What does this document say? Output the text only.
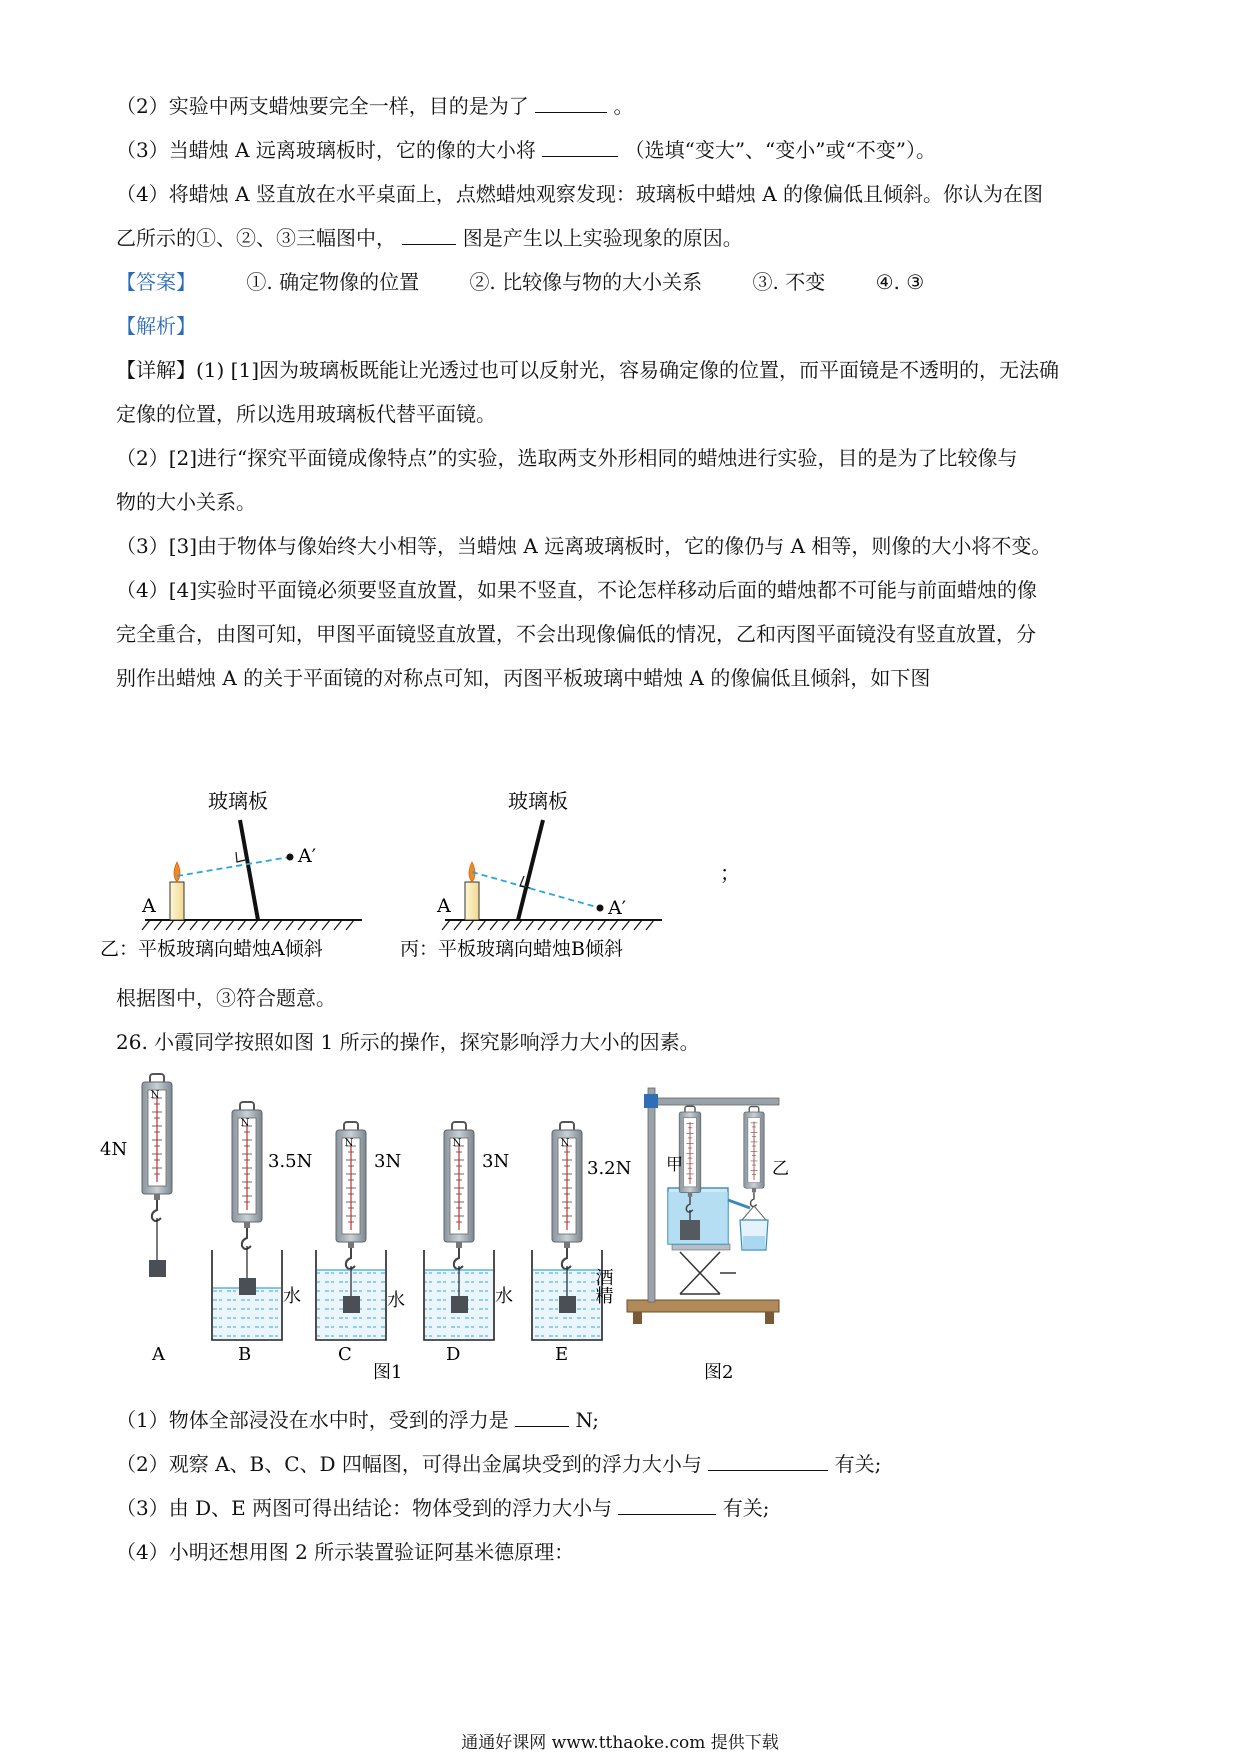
（2）实验中两支蜡烛要完全一样，目的是为了	。
（3）当蜡烛 A 远离玻璃板时，它的像的大小将	（选填“变大”、“变小”或“不变”）。
（4）将蜡烛 A 竖直放在水平桌面上，点燃蜡烛观察发现：玻璃板中蜡烛 A 的像偏低且倾斜。你认为在图
乙所示的①、②、③三幅图中，	图是产生以上实验现象的原因。
【答案】	①. 确定物像的位置	②. 比较像与物的大小关系	③. 不变	④. ③
【解析】
【详解】(1) [1]因为玻璃板既能让光透过也可以反射光，容易确定像的位置，而平面镜是不透明的，无法确
定像的位置，所以选用玻璃板代替平面镜。
（2）[2]进行“探究平面镜成像特点”的实验，选取两支外形相同的蜡烛进行实验，目的是为了比较像与
物的大小关系。
（3）[3]由于物体与像始终大小相等，当蜡烛 A 远离玻璃板时，它的像仍与 A 相等，则像的大小将不变。
（4）[4]实验时平面镜必须要竖直放置，如果不竖直，不论怎样移动后面的蜡烛都不可能与前面蜡烛的像
完全重合，由图可知，甲图平面镜竖直放置，不会出现像偏低的情况，乙和丙图平面镜没有竖直放置，分
别作出蜡烛 A 的关于平面镜的对称点可知，丙图平板玻璃中蜡烛 A 的像偏低且倾斜，如下图
玻璃板
A′
A
乙：平板玻璃向蜡烛A倾斜
玻璃板
A′
A
丙：平板玻璃向蜡烛B倾斜
；
根据图中，③符合题意。
26. 小霞同学按照如图 1 所示的操作，探究影响浮力大小的因素。
N
4N
A
N
3.5N
水
B
N
3N
水
C
N
3N
水
D
N
3.2N
酒精
E
图1
甲	乙
图2
（1）物体全部浸没在水中时，受到的浮力是	N;
（2）观察 A、B、C、D 四幅图，可得出金属块受到的浮力大小与	有关;
（3）由 D、E 两图可得出结论：物体受到的浮力大小与	有关;
（4）小明还想用图 2 所示装置验证阿基米德原理：
通通好课网 www.tthaoke.com 提供下载
